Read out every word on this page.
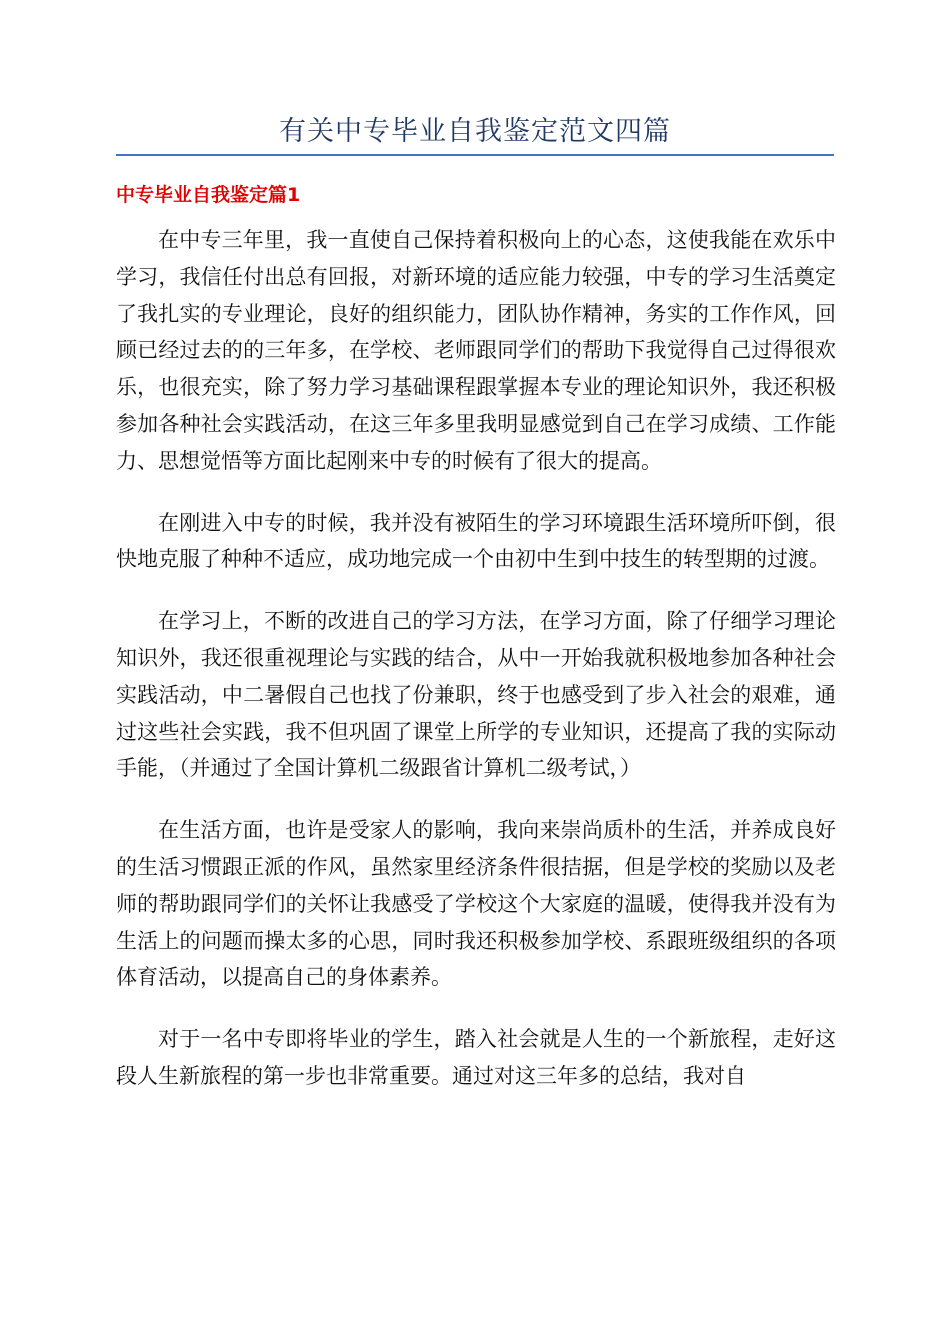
有关中专毕业自我鉴定范文四篇
中专毕业自我鉴定篇1

在中专三年里，我一直使自己保持着积极向上的心态，这使我能在欢乐中学习，我信任付出总有回报，对新环境的适应能力较强，中专的学习生活奠定了我扎实的专业理论，良好的组织能力，团队协作精神，务实的工作作风，回顾已经过去的的三年多，在学校、老师跟同学们的帮助下我觉得自己过得很欢乐，也很充实，除了努力学习基础课程跟掌握本专业的理论知识外，我还积极参加各种社会实践活动，在这三年多里我明显感觉到自己在学习成绩、工作能力、思想觉悟等方面比起刚来中专的时候有了很大的提高。

在刚进入中专的时候，我并没有被陌生的学习环境跟生活环境所吓倒，很快地克服了种种不适应，成功地完成一个由初中生到中技生的转型期的过渡。

在学习上，不断的改进自己的学习方法，在学习方面，除了仔细学习理论知识外，我还很重视理论与实践的结合，从中一开始我就积极地参加各种社会实践活动，中二暑假自己也找了份兼职，终于也感受到了步入社会的艰难，通过这些社会实践，我不但巩固了课堂上所学的专业知识，还提高了我的实际动手能，（并通过了全国计算机二级跟省计算机二级考试，）

在生活方面，也许是受家人的影响，我向来崇尚质朴的生活，并养成良好的生活习惯跟正派的作风，虽然家里经济条件很拮据，但是学校的奖励以及老师的帮助跟同学们的关怀让我感受了学校这个大家庭的温暖，使得我并没有为生活上的问题而操太多的心思，同时我还积极参加学校、系跟班级组织的各项体育活动，以提高自己的身体素养。

对于一名中专即将毕业的学生，踏入社会就是人生的一个新旅程，走好这段人生新旅程的第一步也非常重要。通过对这三年多的总结，我对自
